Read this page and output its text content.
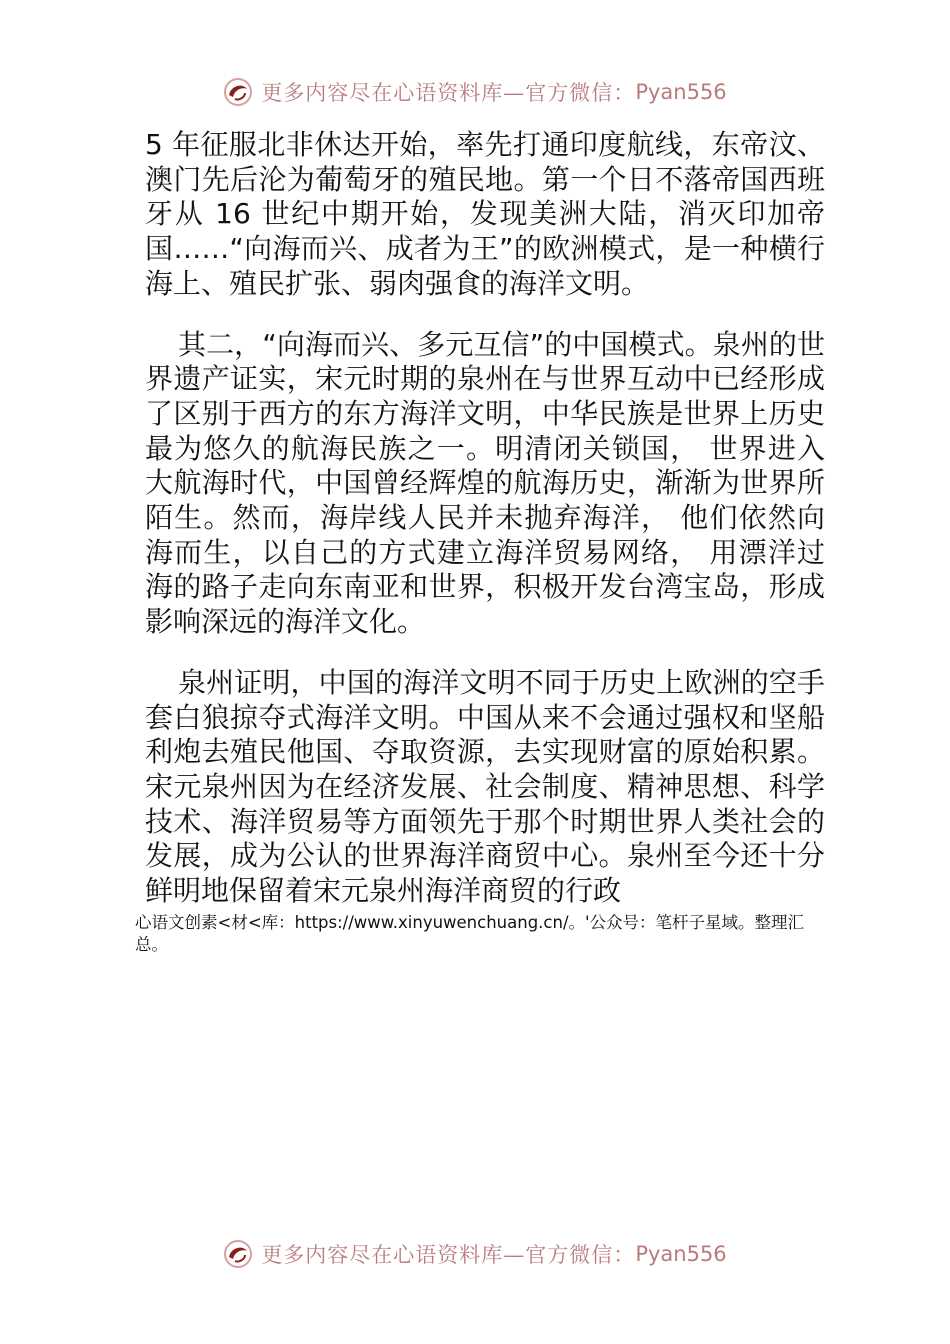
更多内容尽在心语资料库—官方微信： Pyan556

5 年征服北非休达开始，率先打通印度航线，东帝汶、澳门先后沦为葡萄牙的殖民地。第一个日不落帝国西班牙从 16 世纪中期开始，发现美洲大陆，消灭印加帝国……“向海而兴、成者为王”的欧洲模式，是一种横行海上、殖民扩张、弱肉强食的海洋文明。

其二，“向海而兴、多元互信”的中国模式。泉州的世界遗产证实，宋元时期的泉州在与世界互动中已经形成了区别于西方的东方海洋文明，中华民族是世界上历史最为悠久的航海民族之一。明清闭关锁国， 世界进入大航海时代，中国曾经辉煌的航海历史，渐渐为世界所陌生。然而，海岸线人民并未抛弃海洋， 他们依然向海而生，以自己的方式建立海洋贸易网络， 用漂洋过海的路子走向东南亚和世界，积极开发台湾宝岛，形成影响深远的海洋文化。

泉州证明，中国的海洋文明不同于历史上欧洲的空手套白狼掠夺式海洋文明。中国从来不会通过强权和坚船利炮去殖民他国、夺取资源，去实现财富的原始积累。宋元泉州因为在经济发展、社会制度、精神思想、科学技术、海洋贸易等方面领先于那个时期世界人类社会的发展，成为公认的世界海洋商贸中心。泉州至今还十分鲜明地保留着宋元泉州海洋商贸的行政

心语文创素<材<库：https://www.xinyuwenchuang.cn/。'公众号：笔杆子星域。整理汇总。
更多内容尽在心语资料库—官方微信： Pyan556
